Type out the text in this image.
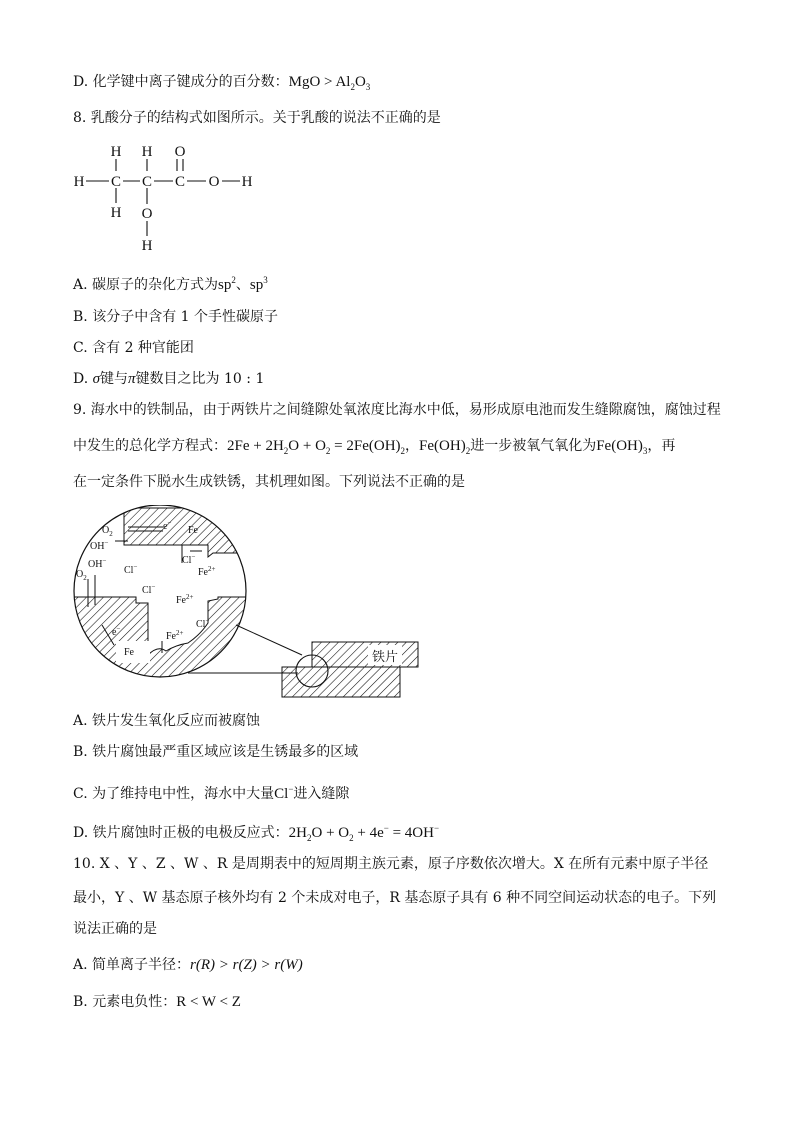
D. 化学键中离子键成分的百分数：MgO > $Al_2O_3$
8. 乳酸分子的结构式如图所示。关于乳酸的说法不正确的是
H H O
H C C C O H
H O
H
A. 碳原子的杂化方式为$sp^2$、$sp^3$
B. 该分子中含有 1 个手性碳原子
C. 含有 2 种官能团
D. σ键与π键数目之比为 10 : 1
9. 海水中的铁制品，由于两铁片之间缝隙处氧浓度比海水中低，易形成原电池而发生缝隙腐蚀，腐蚀过程
中发生的总化学方程式：$2Fe + 2H_2O + O_2 = 2Fe(OH)_2$，$Fe(OH)_2$进一步被氧气氧化为$Fe(OH)_3$，再
在一定条件下脱水生成铁锈，其机理如图。下列说法不正确的是
$O_2$
e−
Fe
OH−
Cl−
$Fe^{2+}$
$O_2$
OH−
Cl−
Cl−
$Fe^{2+}$
Cl−
e−
$Fe^{2+}$
Fe	铁片
A. 铁片发生氧化反应而被腐蚀
B. 铁片腐蚀最严重区域应该是生锈最多的区域
C. 为了维持电中性，海水中大量Cl−进入缝隙
D. 铁片腐蚀时正极的电极反应式：$2H_2O + O_2 + 4e^- = 4OH^-$
10. X 、Y 、Z 、W 、R 是周期表中的短周期主族元素，原子序数依次增大。X 在所有元素中原子半径
最小，Y 、W 基态原子核外均有 2 个未成对电子，R 基态原子具有 6 种不同空间运动状态的电子。下列
说法正确的是
A. 简单离子半径：r(R) > r(Z) > r(W)
B. 元素电负性：R < W < Z
